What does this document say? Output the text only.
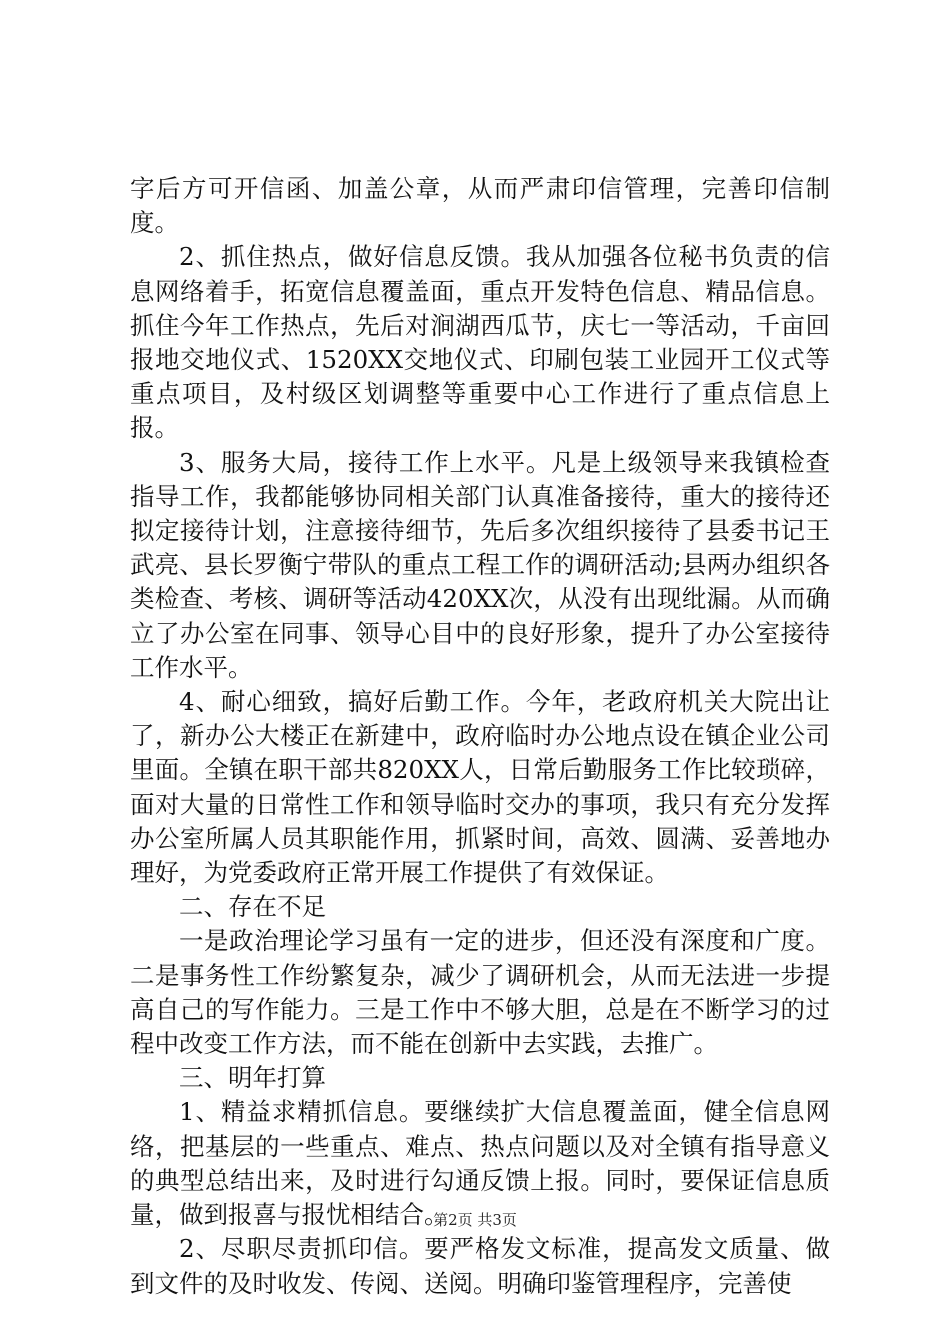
字后方可开信函、加盖公章，从而严肃印信管理，完善印信制度。

2、抓住热点，做好信息反馈。我从加强各位秘书负责的信息网络着手，拓宽信息覆盖面，重点开发特色信息、精品信息。抓住今年工作热点，先后对涧湖西瓜节，庆七一等活动，千亩回报地交地仪式、1520XX交地仪式、印刷包装工业园开工仪式等重点项目，及村级区划调整等重要中心工作进行了重点信息上报。

3、服务大局，接待工作上水平。凡是上级领导来我镇检查指导工作，我都能够协同相关部门认真准备接待，重大的接待还拟定接待计划，注意接待细节，先后多次组织接待了县委书记王武亮、县长罗衡宁带队的重点工程工作的调研活动;县两办组织各类检查、考核、调研等活动420XX次，从没有出现纰漏。从而确立了办公室在同事、领导心目中的良好形象，提升了办公室接待工作水平。

4、耐心细致，搞好后勤工作。今年，老政府机关大院出让了，新办公大楼正在新建中，政府临时办公地点设在镇企业公司里面。全镇在职干部共820XX人，日常后勤服务工作比较琐碎，面对大量的日常性工作和领导临时交办的事项，我只有充分发挥办公室所属人员其职能作用，抓紧时间，高效、圆满、妥善地办理好，为党委政府正常开展工作提供了有效保证。

二、存在不足

一是政治理论学习虽有一定的进步，但还没有深度和广度。二是事务性工作纷繁复杂，减少了调研机会，从而无法进一步提高自己的写作能力。三是工作中不够大胆，总是在不断学习的过程中改变工作方法，而不能在创新中去实践，去推广。

三、明年打算

1、精益求精抓信息。要继续扩大信息覆盖面，健全信息网络，把基层的一些重点、难点、热点问题以及对全镇有指导意义的典型总结出来，及时进行勾通反馈上报。同时，要保证信息质量，做到报喜与报忧相结合。

2、尽职尽责抓印信。要严格发文标准，提高发文质量、做到文件的及时收发、传阅、送阅。明确印鉴管理程序，完善使

第2页 共3页
